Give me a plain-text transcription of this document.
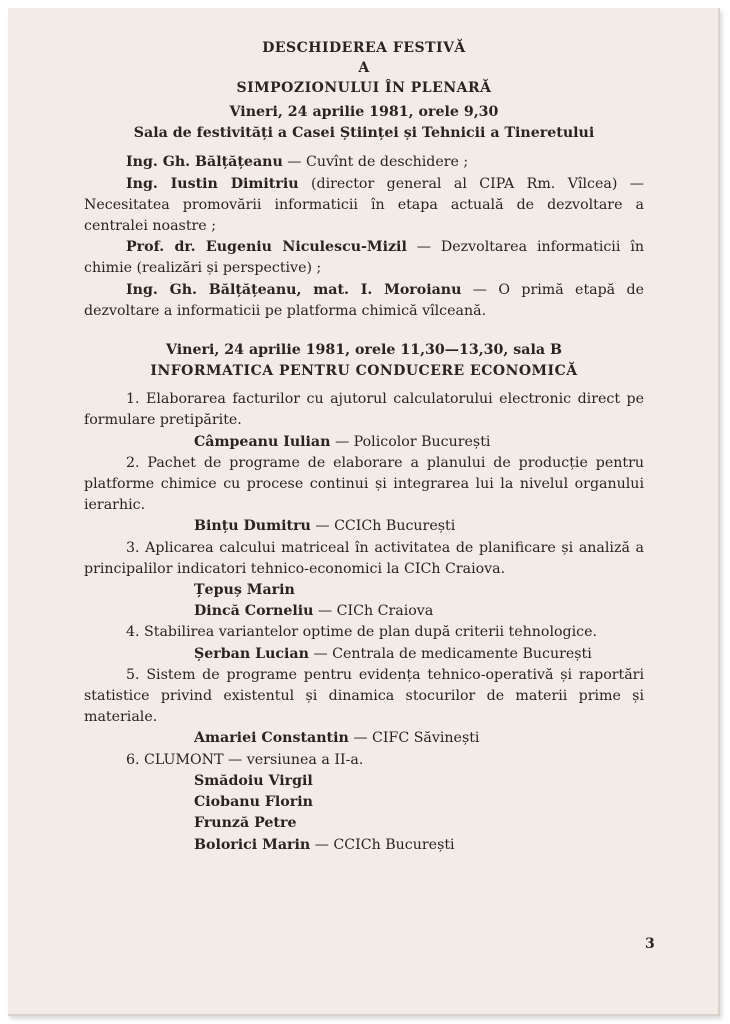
DESCHIDEREA FESTIVĂ
A
SIMPOZIONULUI ÎN PLENARĂ
Vineri, 24 aprilie 1981, orele 9,30
Sala de festivități a Casei Științei și Tehnicii a Tineretului
Ing. Gh. Bălțățeanu — Cuvînt de deschidere ;
Ing. Iustin Dimitriu (director general al CIPA Rm. Vîlcea) — Necesitatea promovării informaticii în etapa actuală de dezvoltare a centralei noastre ;
Prof. dr. Eugeniu Niculescu-Mizil — Dezvoltarea informaticii în chimie (realizări și perspective) ;
Ing. Gh. Bălțățeanu, mat. I. Moroianu — O primă etapă de dezvoltare a informaticii pe platforma chimică vîlceană.
Vineri, 24 aprilie 1981, orele 11,30—13,30, sala B
INFORMATICA PENTRU CONDUCERE ECONOMICĂ
1. Elaborarea facturilor cu ajutorul calculatorului electronic direct pe formulare pretipărite.
Câmpeanu Iulian — Policolor București
2. Pachet de programe de elaborare a planului de producție pentru platforme chimice cu procese continui și integrarea lui la nivelul organului ierarhic.
Bințu Dumitru — CCICh București
3. Aplicarea calcului matriceal în activitatea de planificare și analiză a principalilor indicatori tehnico-economici la CICh Craiova.
Țepuș Marin
Dincă Corneliu — CICh Craiova
4. Stabilirea variantelor optime de plan după criterii tehnologice.
Șerban Lucian — Centrala de medicamente București
5. Sistem de programe pentru evidența tehnico-operativă și raportări statistice privind existentul și dinamica stocurilor de materii prime și materiale.
Amariei Constantin — CIFC Săvinești
6. CLUMONT — versiunea a II-a.
Smădoiu Virgil
Ciobanu Florin
Frunză Petre
Bolorici Marin — CCICh București
3
